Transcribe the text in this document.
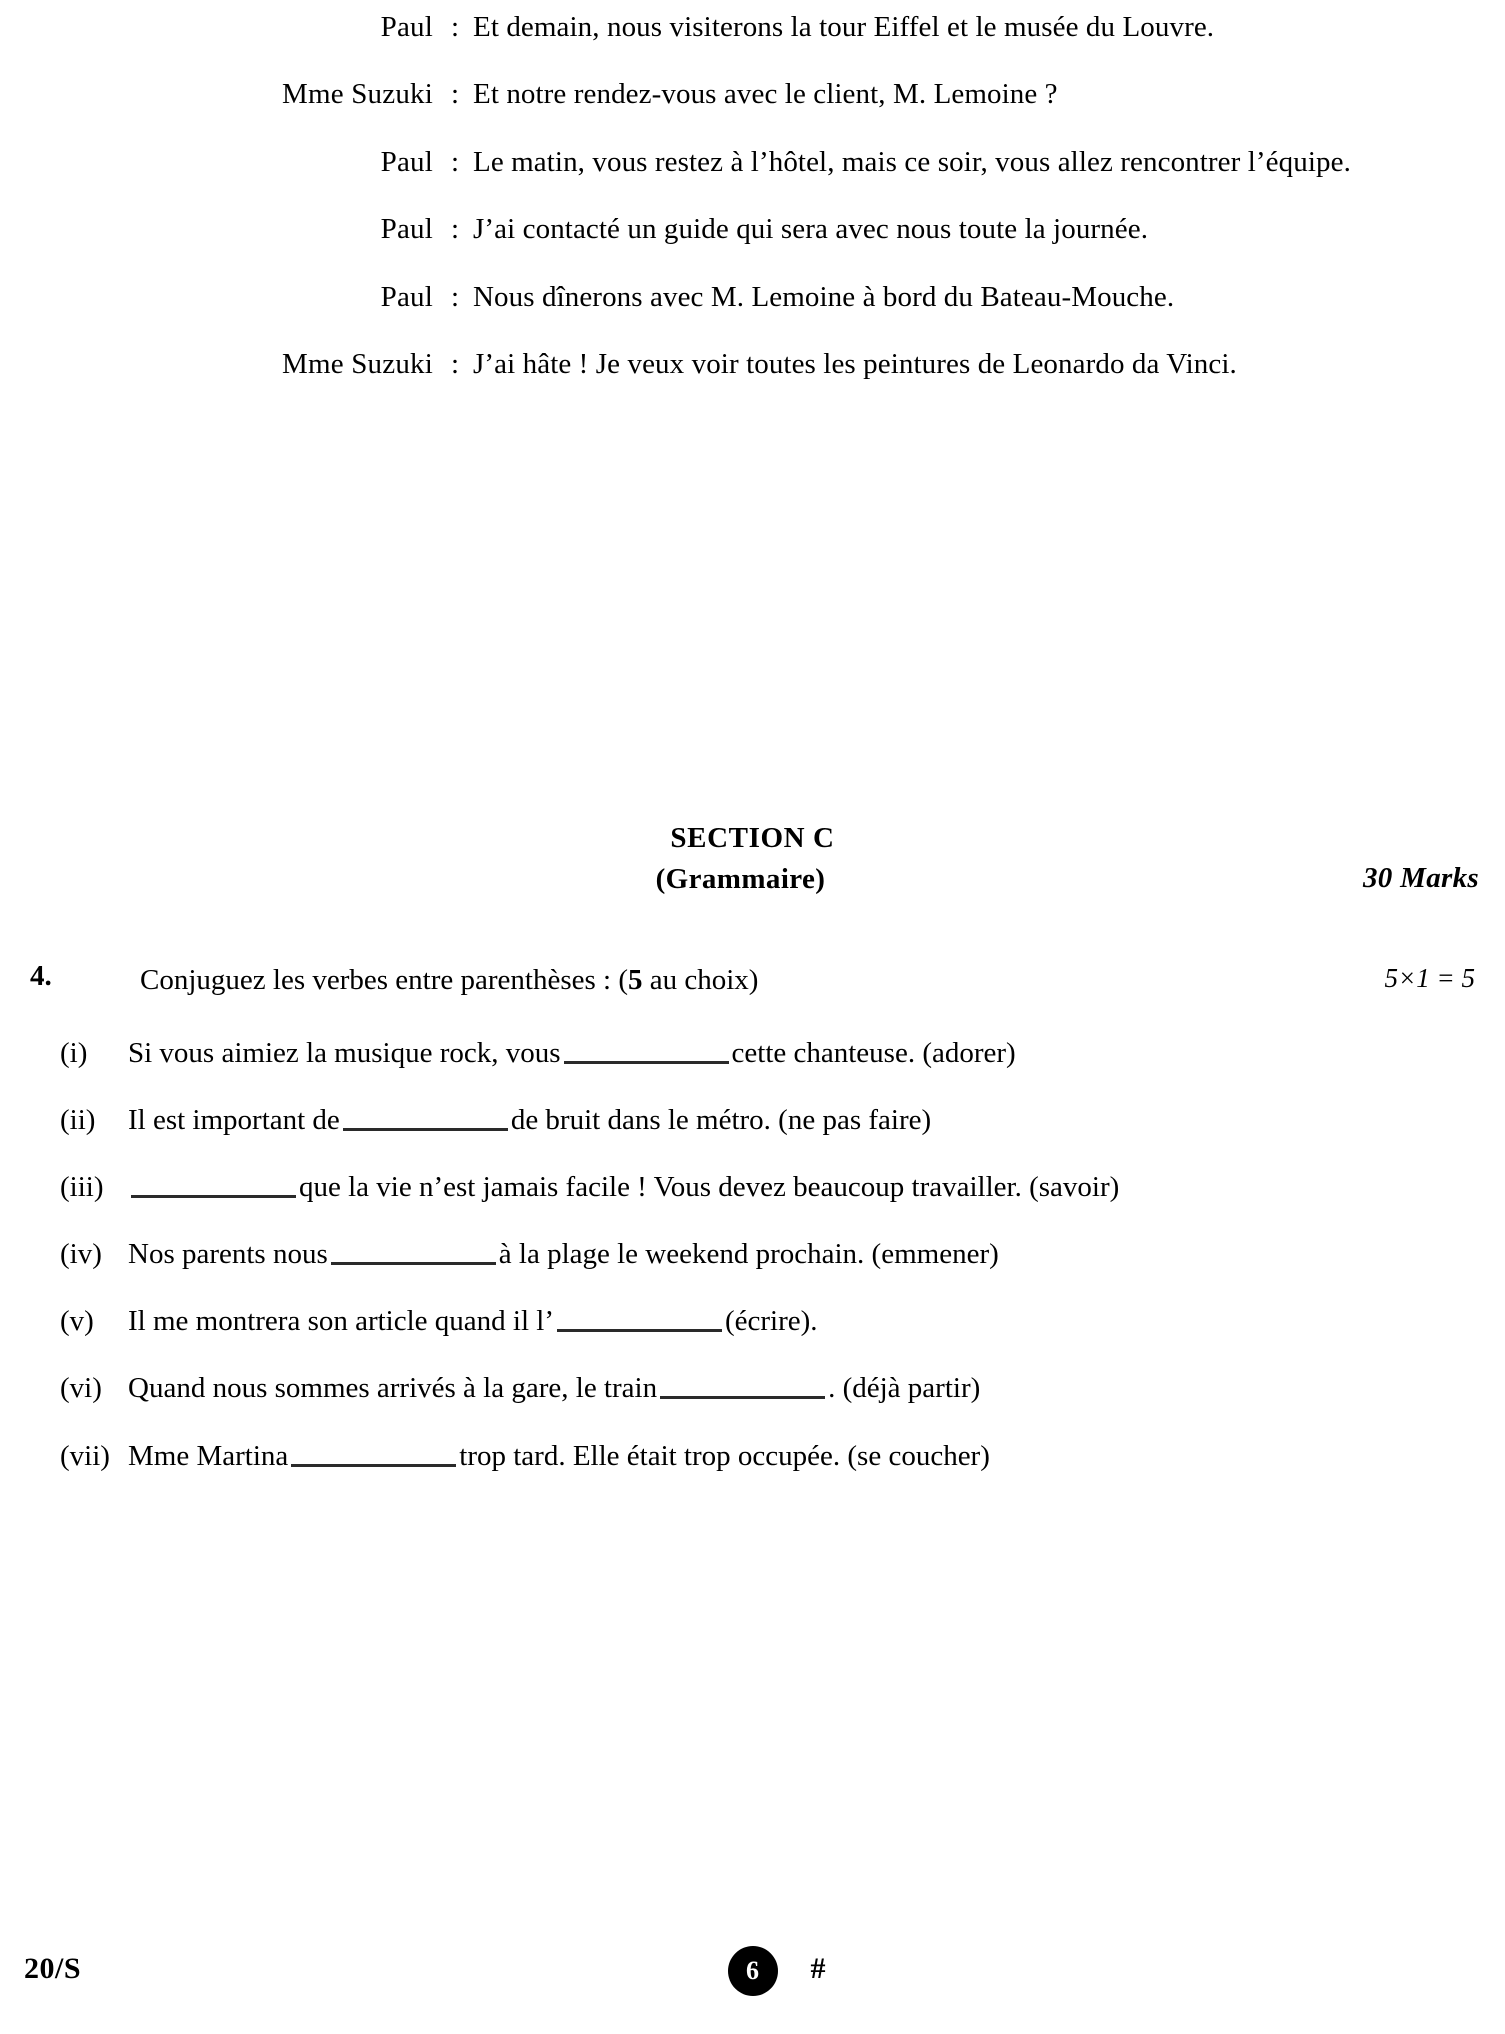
Paul : Et demain, nous visiterons la tour Eiffel et le musée du Louvre.
Mme Suzuki : Et notre rendez-vous avec le client, M. Lemoine ?
Paul : Le matin, vous restez à l’hôtel, mais ce soir, vous allez rencontrer l’équipe.
Paul : J’ai contacté un guide qui sera avec nous toute la journée.
Paul : Nous dînerons avec M. Lemoine à bord du Bateau-Mouche.
Mme Suzuki : J’ai hâte ! Je veux voir toutes les peintures de Leonardo da Vinci.
SECTION C
(Grammaire)	30 Marks
4.	Conjuguez les verbes entre parenthèses : (5 au choix)	5×1 = 5
(i)	Si vous aimiez la musique rock, vous	cette chanteuse. (adorer)
(ii)	Il est important de	de bruit dans le métro. (ne pas faire)
(iii)	que la vie n’est jamais facile ! Vous devez beaucoup travailler. (savoir)
(iv) Nos parents nous	à la plage le weekend prochain. (emmener)
(v)	Il me montrera son article quand il l’	(écrire).
(vi) Quand nous sommes arrivés à la gare, le train	. (déjà partir)
(vii) Mme Martina	trop tard. Elle était trop occupée. (se coucher)
20/S	6	#
